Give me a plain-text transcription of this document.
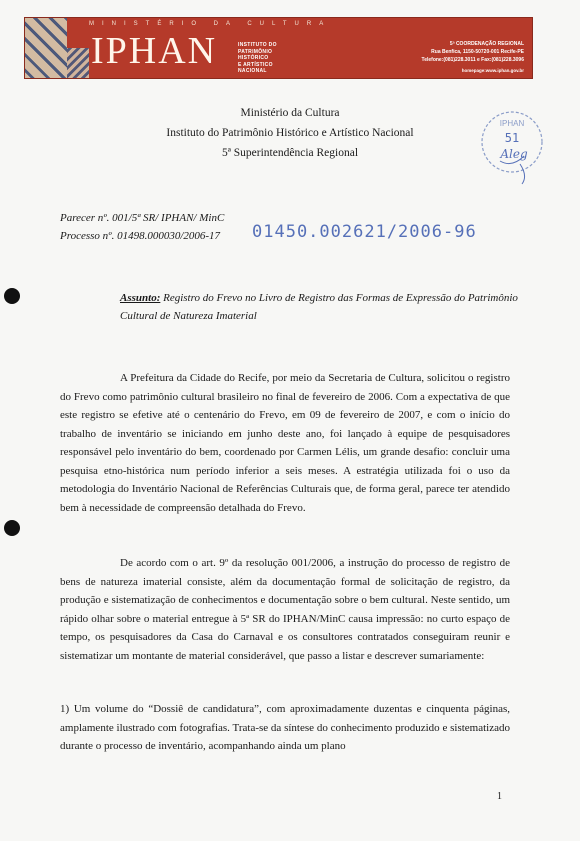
MINISTÉRIO DA CULTURA
IPHAN	INSTITUTO DO
PATRIMÔNIO
HISTÓRICO
E ARTÍSTICO
NACIONAL
5ª COORDENAÇÃO REGIONAL
Rua Benfica, 1150-50720-001 Recife-PE
Telefone:(081)228.3011 e Fax:(081)228.3096
homepage:www.iphan.gov.br
Ministério da Cultura
Instituto do Patrimônio Histórico e Artístico Nacional
5ª Superintendência Regional
IPHAN
51
Aleg
Parecer nº. 001/5ª SR/ IPHAN/ MinC
Processo nº. 01498.000030/2006-17 01450.002621/2006-96
Assunto: Registro do Frevo no Livro de Registro das Formas de Expressão do Patrimônio Cultural de Natureza Imaterial
A Prefeitura da Cidade do Recife, por meio da Secretaria de Cultura, solicitou o registro do Frevo como patrimônio cultural brasileiro no final de fevereiro de 2006. Com a expectativa de que este registro se efetive até o centenário do Frevo, em 09 de fevereiro de 2007, e com o início do trabalho de inventário se iniciando em junho deste ano, foi lançado à equipe de pesquisadores responsável pelo inventário do bem, coordenado por Carmen Lélis, um grande desafio: concluir uma pesquisa etno-histórica num período inferior a seis meses. A estratégia utilizada foi o uso da metodologia do Inventário Nacional de Referências Culturais que, de forma geral, parece ter atendido bem à necessidade de compreensão detalhada do Frevo.
De acordo com o art. 9º da resolução 001/2006, a instrução do processo de registro de bens de natureza imaterial consiste, além da documentação formal de solicitação de registro, da produção e sistematização de conhecimentos e documentação sobre o bem cultural. Neste sentido, um rápido olhar sobre o material entregue à 5ª SR do IPHAN/MinC causa impressão: no curto espaço de tempo, os pesquisadores da Casa do Carnaval e os consultores contratados conseguiram reunir e sistematizar um montante de material considerável, que passo a listar e descrever sumariamente:
1) Um volume do “Dossiê de candidatura”, com aproximadamente duzentas e cinquenta páginas, amplamente ilustrado com fotografias. Trata-se da síntese do conhecimento produzido e sistematizado durante o processo de inventário, acompanhando ainda um plano
1
